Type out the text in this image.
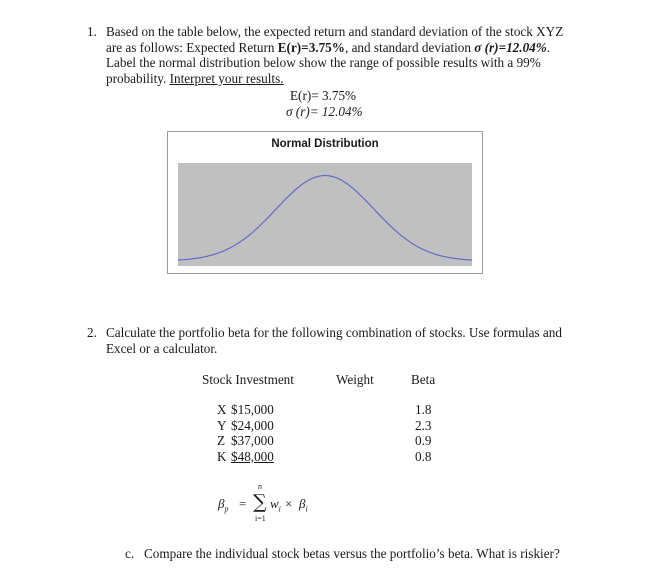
1. Based on the table below, the expected return and standard deviation of the stock XYZ
are as follows: Expected Return E(r)=3.75%, and standard deviation σ (r)=12.04%.
Label the normal distribution below show the range of possible results with a 99%
probability. Interpret your results.
E(r)= 3.75%
σ (r)= 12.04%
Normal Distribution
2. Calculate the portfolio beta for the following combination of stocks. Use formulas and
Excel or a calculator.
Stock Investment	Weight	Beta
X $15,000
Y $24,000
Z $37,000
K $48,000
1.8
2.3
0.9
0.8
$\beta_p$ =
n
∑
i=1
$w_i \times \beta_i$
c. Compare the individual stock betas versus the portfolio’s beta. What is riskier?
